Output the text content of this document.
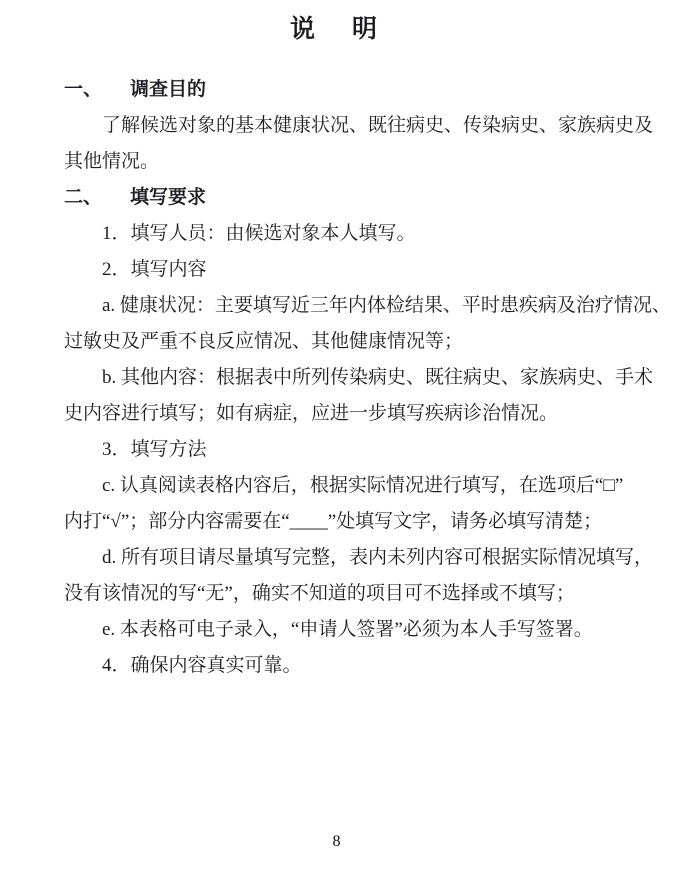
说　明
一、 调查目的
了解候选对象的基本健康状况、既往病史、传染病史、家族病史及
其他情况。
二、 填写要求
1．填写人员：由候选对象本人填写。
2．填写内容
a. 健康状况：主要填写近三年内体检结果、平时患疾病及治疗情况、
过敏史及严重不良反应情况、其他健康情况等；
b. 其他内容：根据表中所列传染病史、既往病史、家族病史、手术
史内容进行填写；如有病症，应进一步填写疾病诊治情况。
3．填写方法
c. 认真阅读表格内容后，根据实际情况进行填写，在选项后“□”
内打“√”；部分内容需要在“____”处填写文字，请务必填写清楚；
d. 所有项目请尽量填写完整，表内未列内容可根据实际情况填写，
没有该情况的写“无”，确实不知道的项目可不选择或不填写；
e. 本表格可电子录入，“申请人签署”必须为本人手写签署。
4．确保内容真实可靠。
8
